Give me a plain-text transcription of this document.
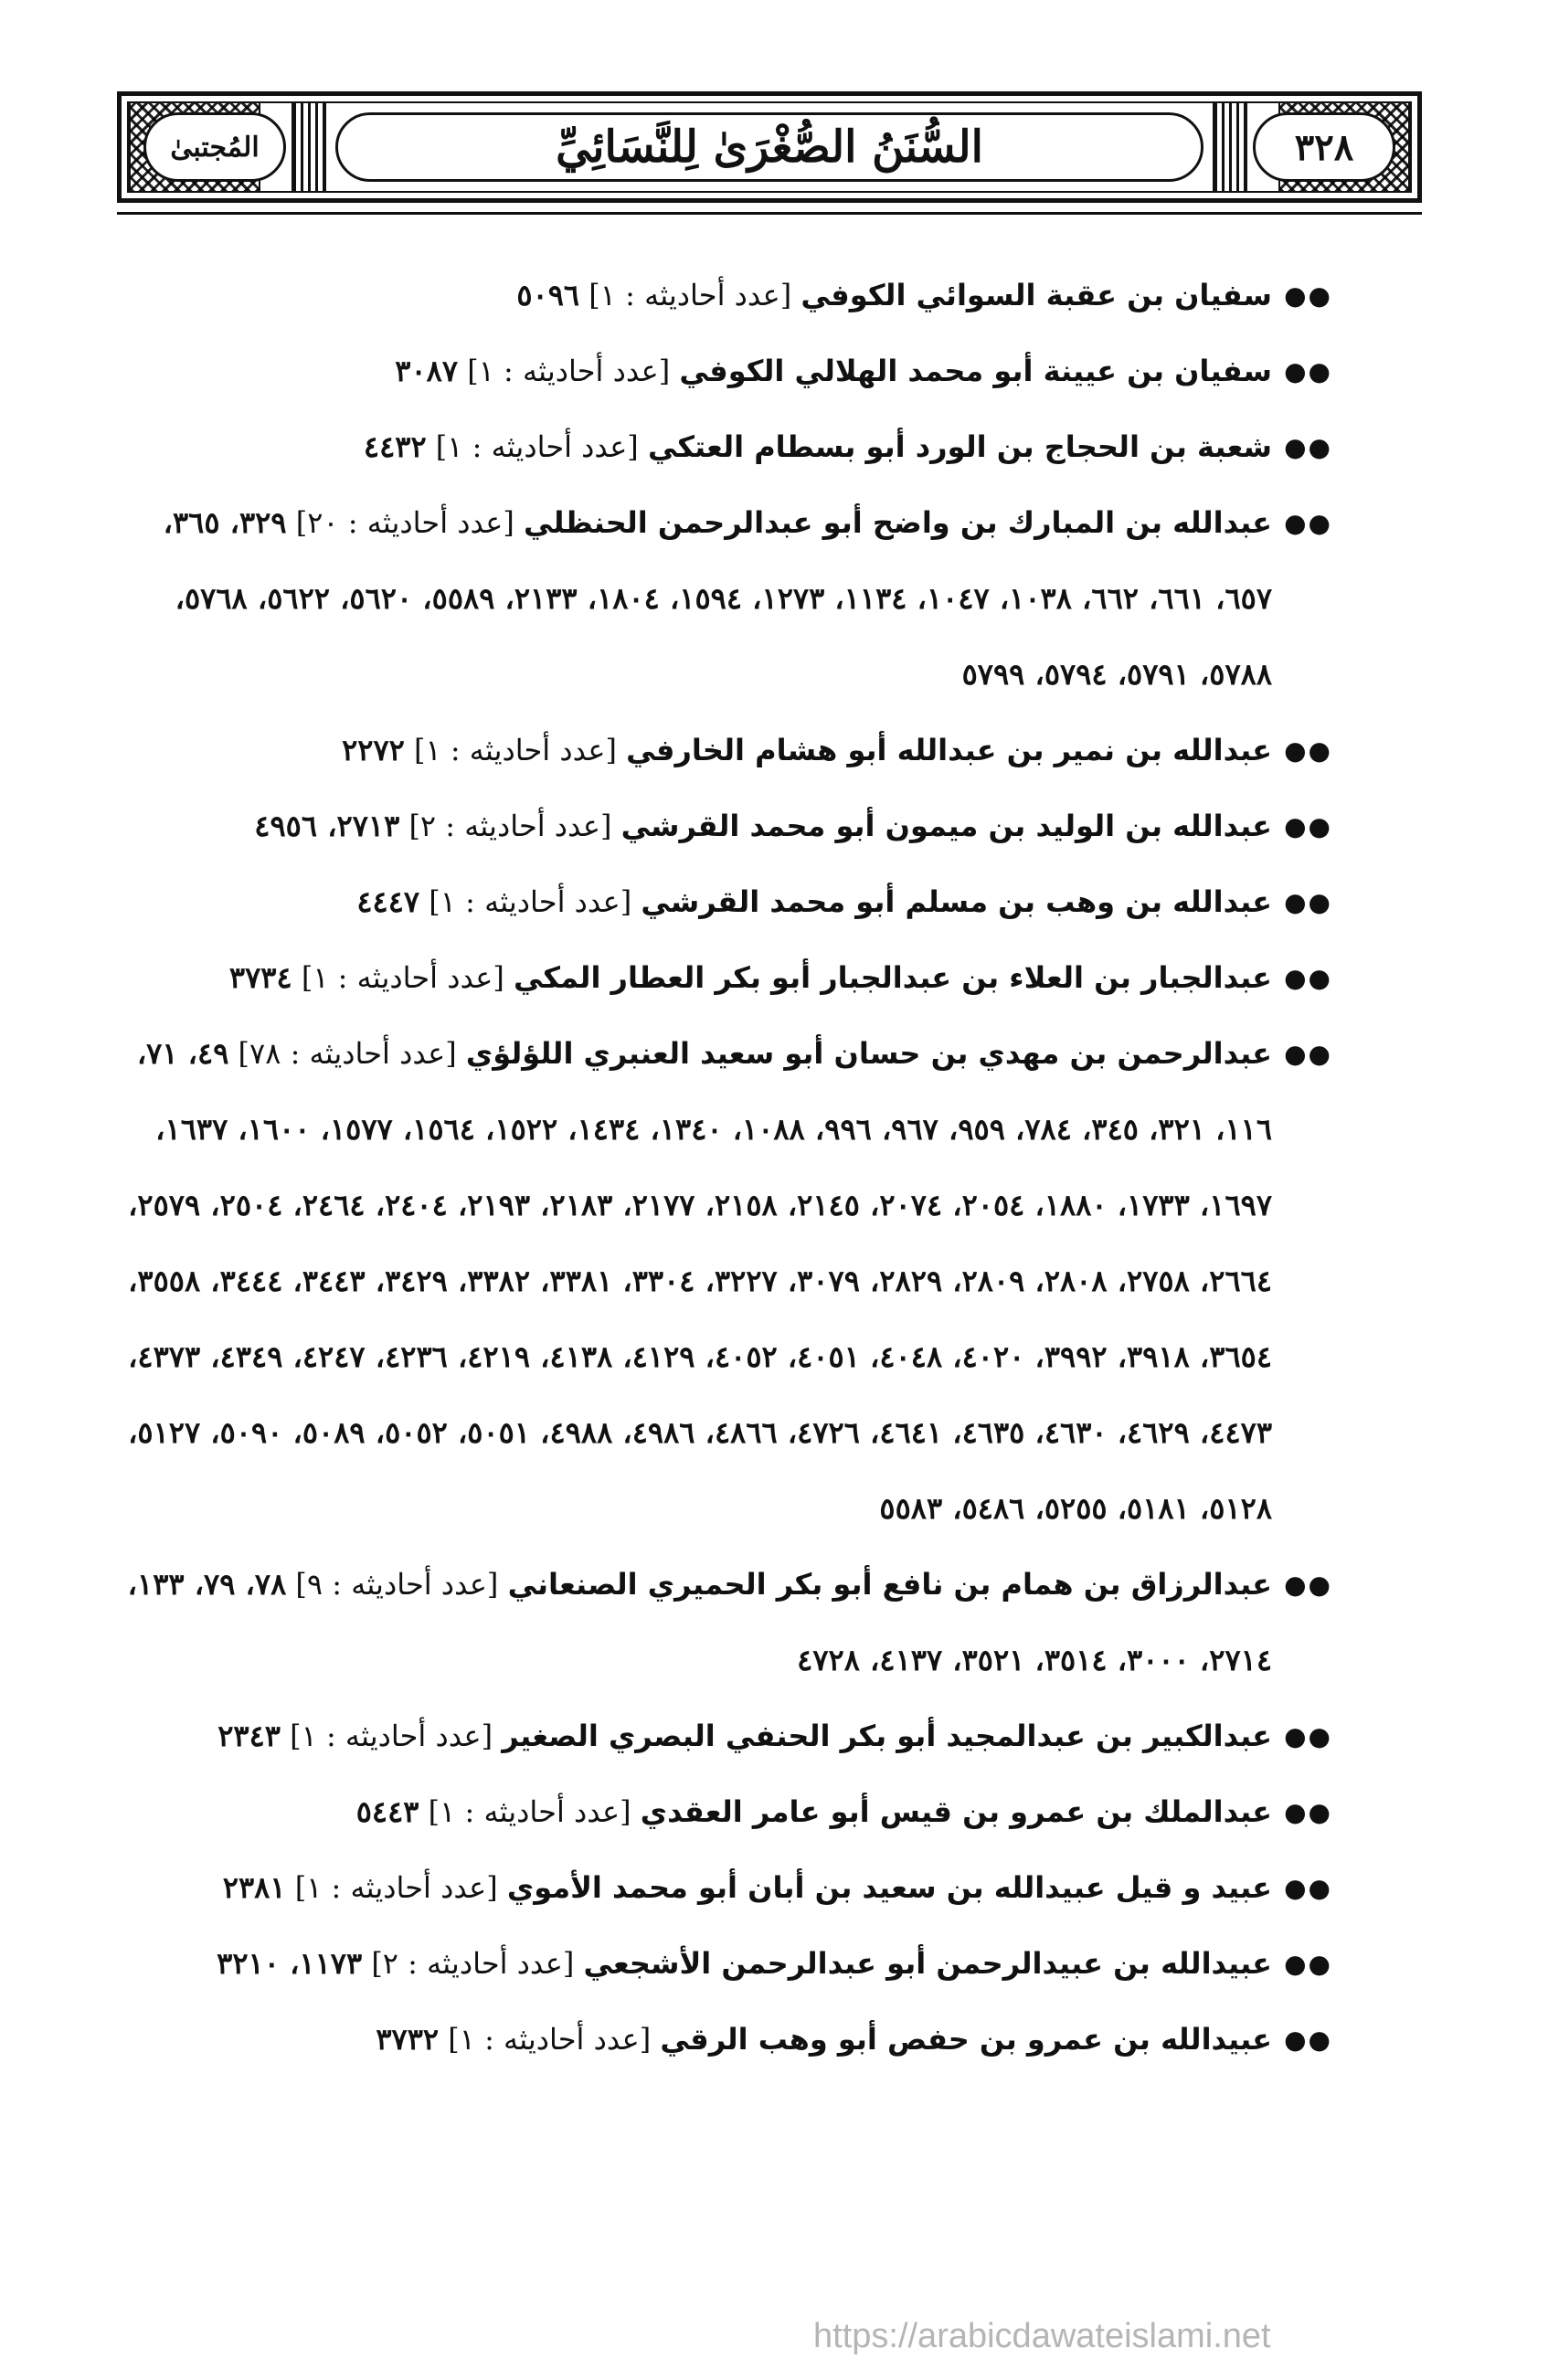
٣٢٨
المُجتبىٰ	السُّنَنُ الصُّغْرَىٰ لِلنَّسَائِيِّ
●●
سفيان بن عقبة السوائي الكوفي [عدد أحاديثه : ١] ٥٠٩٦
●●
سفيان بن عيينة أبو محمد الهلالي الكوفي [عدد أحاديثه : ١] ٣٠٨٧
●●
شعبة بن الحجاج بن الورد أبو بسطام العتكي [عدد أحاديثه : ١] ٤٤٣٢
●●
عبدالله بن المبارك بن واضح أبو عبدالرحمن الحنظلي [عدد أحاديثه : ٢٠] ٣٢٩، ٣٦٥، ٦٥٧، ٦٦١، ٦٦٢، ١٠٣٨، ١٠٤٧، ١١٣٤، ١٢٧٣، ١٥٩٤، ١٨٠٤، ٢١٣٣، ٥٥٨٩، ٥٦٢٠، ٥٦٢٢، ٥٧٦٨، ٥٧٨٨، ٥٧٩١، ٥٧٩٤، ٥٧٩٩
●●
عبدالله بن نمير بن عبدالله أبو هشام الخارفي [عدد أحاديثه : ١] ٢٢٧٢
●●
عبدالله بن الوليد بن ميمون أبو محمد القرشي [عدد أحاديثه : ٢] ٢٧١٣، ٤٩٥٦
●●
عبدالله بن وهب بن مسلم أبو محمد القرشي [عدد أحاديثه : ١] ٤٤٤٧
●●
عبدالجبار بن العلاء بن عبدالجبار أبو بكر العطار المكي [عدد أحاديثه : ١] ٣٧٣٤
●●
عبدالرحمن بن مهدي بن حسان أبو سعيد العنبري اللؤلؤي [عدد أحاديثه : ٧٨] ٤٩، ٧١، ١١٦، ٣٢١، ٣٤٥، ٧٨٤، ٩٥٩، ٩٦٧، ٩٩٦، ١٠٨٨، ١٣٤٠، ١٤٣٤، ١٥٢٢، ١٥٦٤، ١٥٧٧، ١٦٠٠، ١٦٣٧، ١٦٩٧، ١٧٣٣، ١٨٨٠، ٢٠٥٤، ٢٠٧٤، ٢١٤٥، ٢١٥٨، ٢١٧٧، ٢١٨٣، ٢١٩٣، ٢٤٠٤، ٢٤٦٤، ٢٥٠٤، ٢٥٧٩، ٢٦٦٤، ٢٧٥٨، ٢٨٠٨، ٢٨٠٩، ٢٨٢٩، ٣٠٧٩، ٣٢٢٧، ٣٣٠٤، ٣٣٨١، ٣٣٨٢، ٣٤٢٩، ٣٤٤٣، ٣٤٤٤، ٣٥٥٨، ٣٦٥٤، ٣٩١٨، ٣٩٩٢، ٤٠٢٠، ٤٠٤٨، ٤٠٥١، ٤٠٥٢، ٤١٢٩، ٤١٣٨، ٤٢١٩، ٤٢٣٦، ٤٢٤٧، ٤٣٤٩، ٤٣٧٣، ٤٤٧٣، ٤٦٢٩، ٤٦٣٠، ٤٦٣٥، ٤٦٤١، ٤٧٢٦، ٤٨٦٦، ٤٩٨٦، ٤٩٨٨، ٥٠٥١، ٥٠٥٢، ٥٠٨٩، ٥٠٩٠، ٥١٢٧، ٥١٢٨، ٥١٨١، ٥٢٥٥، ٥٤٨٦، ٥٥٨٣
●●
عبدالرزاق بن همام بن نافع أبو بكر الحميري الصنعاني [عدد أحاديثه : ٩] ٧٨، ٧٩، ١٣٣، ٢٧١٤، ٣٠٠٠، ٣٥١٤، ٣٥٢١، ٤١٣٧، ٤٧٢٨
●●
عبدالكبير بن عبدالمجيد أبو بكر الحنفي البصري الصغير [عدد أحاديثه : ١] ٢٣٤٣
●●
عبدالملك بن عمرو بن قيس أبو عامر العقدي [عدد أحاديثه : ١] ٥٤٤٣
●●
عبيد و قيل عبيدالله بن سعيد بن أبان أبو محمد الأموي [عدد أحاديثه : ١] ٢٣٨١
●●
عبيدالله بن عبيدالرحمن أبو عبدالرحمن الأشجعي [عدد أحاديثه : ٢] ١١٧٣، ٣٢١٠
●●
عبيدالله بن عمرو بن حفص أبو وهب الرقي [عدد أحاديثه : ١] ٣٧٣٢
https://arabicdawateislami.net
